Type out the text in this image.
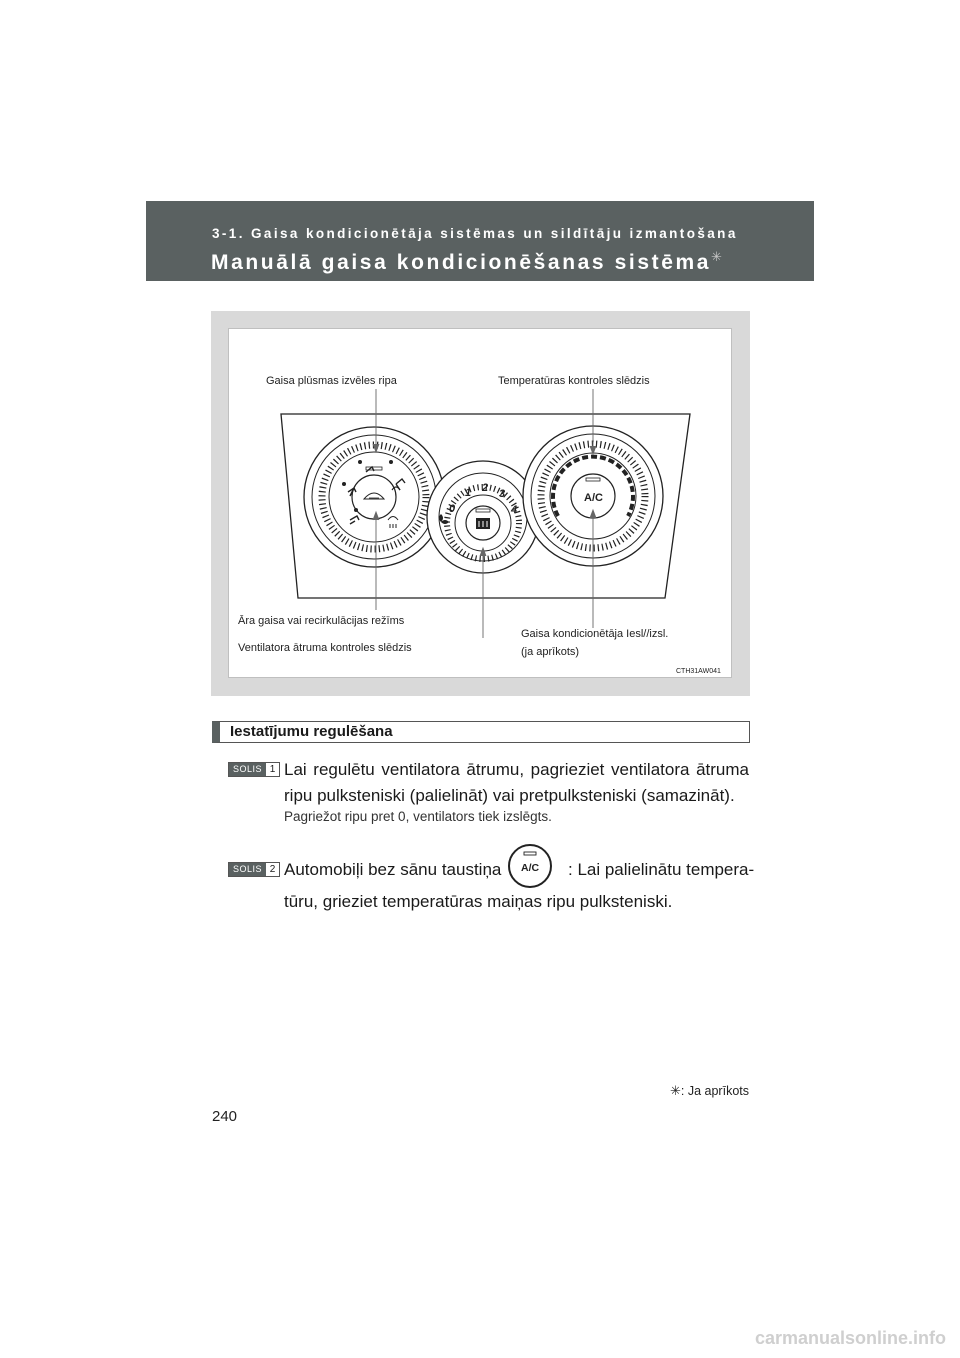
3-1. Gaisa kondicionētāja sistēmas un sildītāju izmantošana
Manuālā gaisa kondicionēšanas sistēma✳
0
1 2 3
4
A/C
Gaisa plūsmas izvēles ripa	Temperatūras kontroles slēdzis
Āra gaisa vai recirkulācijas režīms
Ventilatora ātruma kontroles slēdzis
Gaisa kondicionētāja Iesl//izsl.
(ja aprīkots)
CTH31AW041
Iestatījumu regulēšana
SOLIS 1 Lai regulētu ventilatora ātrumu, pagrieziet ventilatora ātruma
ripu pulksteniski (palielināt) vai pretpulksteniski (samazināt).
Pagriežot ripu pret 0, ventilators tiek izslēgts.
SOLIS 2 Automobiļi bez sānu taustiņa A/C : Lai palielinātu tempera-
tūru, grieziet temperatūras maiņas ripu pulksteniski.
✳: Ja aprīkots
240
carmanualsonline.info
